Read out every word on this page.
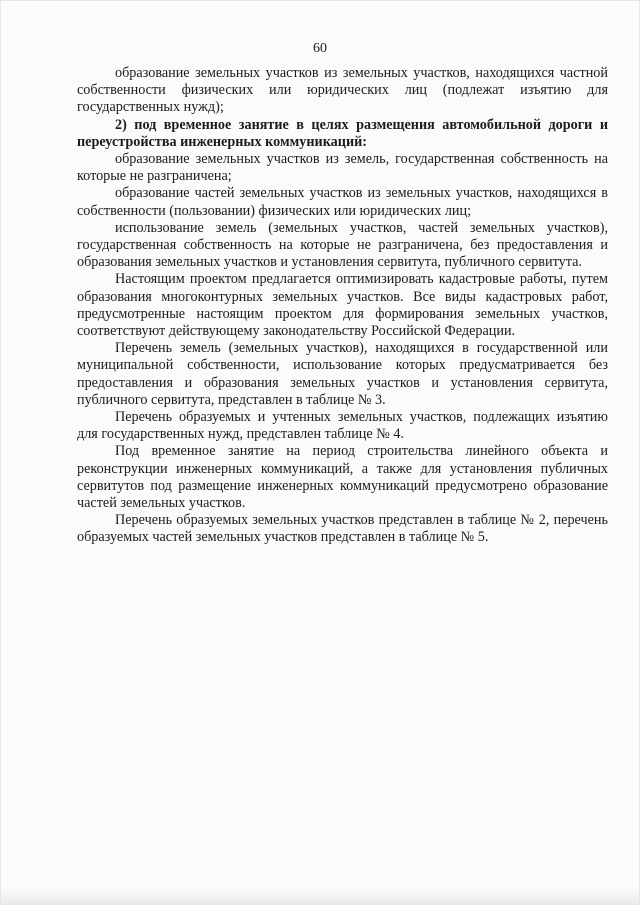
60

образование земельных участков из земельных участков, находящихся частной собственности физических или юридических лиц (подлежат изъятию для государственных нужд);

2) под временное занятие в целях размещения автомобильной дороги и переустройства инженерных коммуникаций:

образование земельных участков из земель, государственная собственность на которые не разграничена;

образование частей земельных участков из земельных участков, находящихся в собственности (пользовании) физических или юридических лиц;

использование земель (земельных участков, частей земельных участков), государственная собственность на которые не разграничена, без предоставления и образования земельных участков и установления сервитута, публичного сервитута.

Настоящим проектом предлагается оптимизировать кадастровые работы, путем образования многоконтурных земельных участков. Все виды кадастровых работ, предусмотренные настоящим проектом для формирования земельных участков, соответствуют действующему законодательству Российской Федерации.

Перечень земель (земельных участков), находящихся в государственной или муниципальной собственности, использование которых предусматривается без предоставления и образования земельных участков и установления сервитута, публичного сервитута, представлен в таблице № 3.

Перечень образуемых и учтенных земельных участков, подлежащих изъятию для государственных нужд, представлен таблице № 4.

Под временное занятие на период строительства линейного объекта и реконструкции инженерных коммуникаций, а также для установления публичных сервитутов под размещение инженерных коммуникаций предусмотрено образование частей земельных участков.

Перечень образуемых земельных участков представлен в таблице № 2, перечень образуемых частей земельных участков представлен в таблице № 5.
